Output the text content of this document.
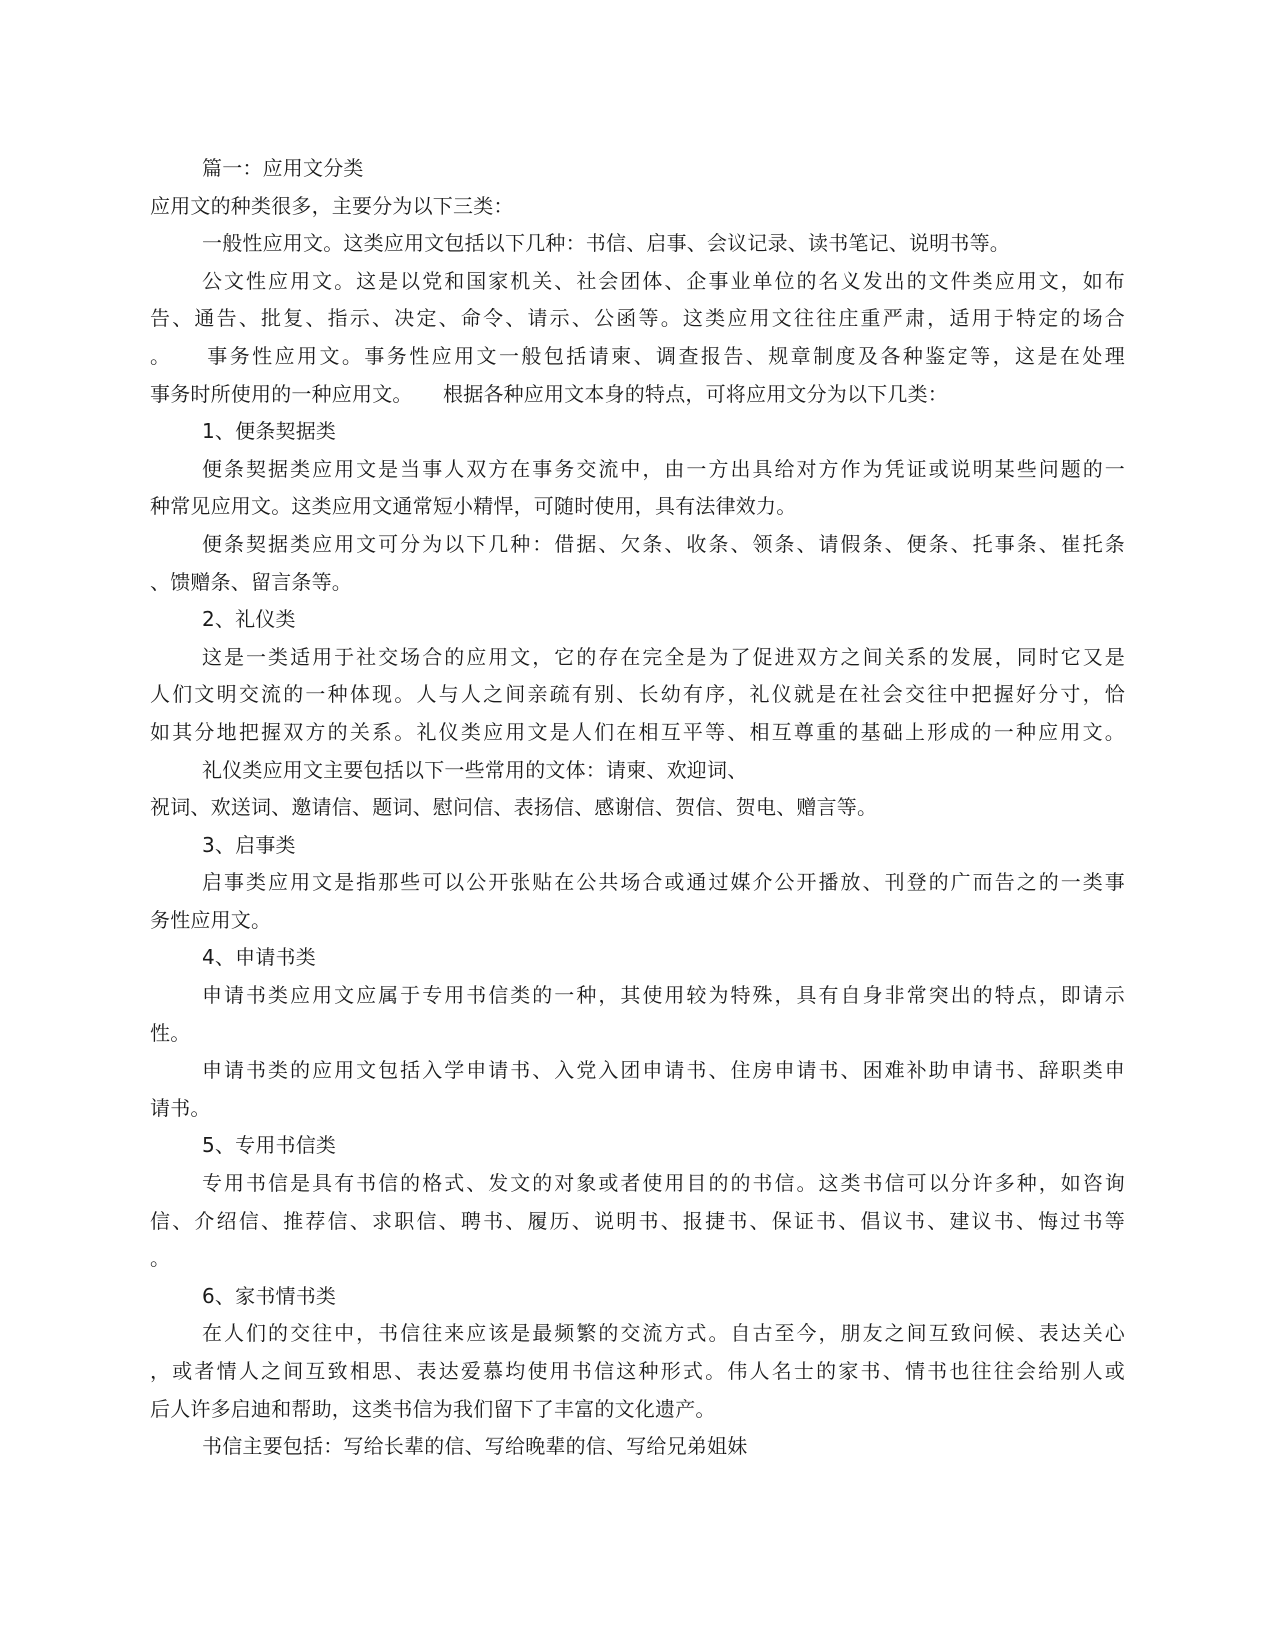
篇一：应用文分类
应用文的种类很多，主要分为以下三类：
一般性应用文。这类应用文包括以下几种：书信、启事、会议记录、读书笔记、说明书等。
公文性应用文。这是以党和国家机关、社会团体、企事业单位的名义发出的文件类应用文，如布
告、通告、批复、指示、决定、命令、请示、公函等。这类应用文往往庄重严肃，适用于特定的场合
。　　事务性应用文。事务性应用文一般包括请柬、调查报告、规章制度及各种鉴定等，这是在处理
事务时所使用的一种应用文。　　根据各种应用文本身的特点，可将应用文分为以下几类：
1、便条契据类
便条契据类应用文是当事人双方在事务交流中，由一方出具给对方作为凭证或说明某些问题的一
种常见应用文。这类应用文通常短小精悍，可随时使用，具有法律效力。
便条契据类应用文可分为以下几种：借据、欠条、收条、领条、请假条、便条、托事条、崔托条
、馈赠条、留言条等。
2、礼仪类
这是一类适用于社交场合的应用文，它的存在完全是为了促进双方之间关系的发展，同时它又是
人们文明交流的一种体现。人与人之间亲疏有别、长幼有序，礼仪就是在社会交往中把握好分寸，恰
如其分地把握双方的关系。礼仪类应用文是人们在相互平等、相互尊重的基础上形成的一种应用文。
礼仪类应用文主要包括以下一些常用的文体：请柬、欢迎词、
祝词、欢送词、邀请信、题词、慰问信、表扬信、感谢信、贺信、贺电、赠言等。
3、启事类
启事类应用文是指那些可以公开张贴在公共场合或通过媒介公开播放、刊登的广而告之的一类事
务性应用文。
4、申请书类
申请书类应用文应属于专用书信类的一种，其使用较为特殊，具有自身非常突出的特点，即请示
性。
申请书类的应用文包括入学申请书、入党入团申请书、住房申请书、困难补助申请书、辞职类申
请书。
5、专用书信类
专用书信是具有书信的格式、发文的对象或者使用目的的书信。这类书信可以分许多种，如咨询
信、介绍信、推荐信、求职信、聘书、履历、说明书、报捷书、保证书、倡议书、建议书、悔过书等
。
6、家书情书类
在人们的交往中，书信往来应该是最频繁的交流方式。自古至今，朋友之间互致问候、表达关心
，或者情人之间互致相思、表达爱慕均使用书信这种形式。伟人名士的家书、情书也往往会给别人或
后人许多启迪和帮助，这类书信为我们留下了丰富的文化遗产。
书信主要包括：写给长辈的信、写给晚辈的信、写给兄弟姐妹
